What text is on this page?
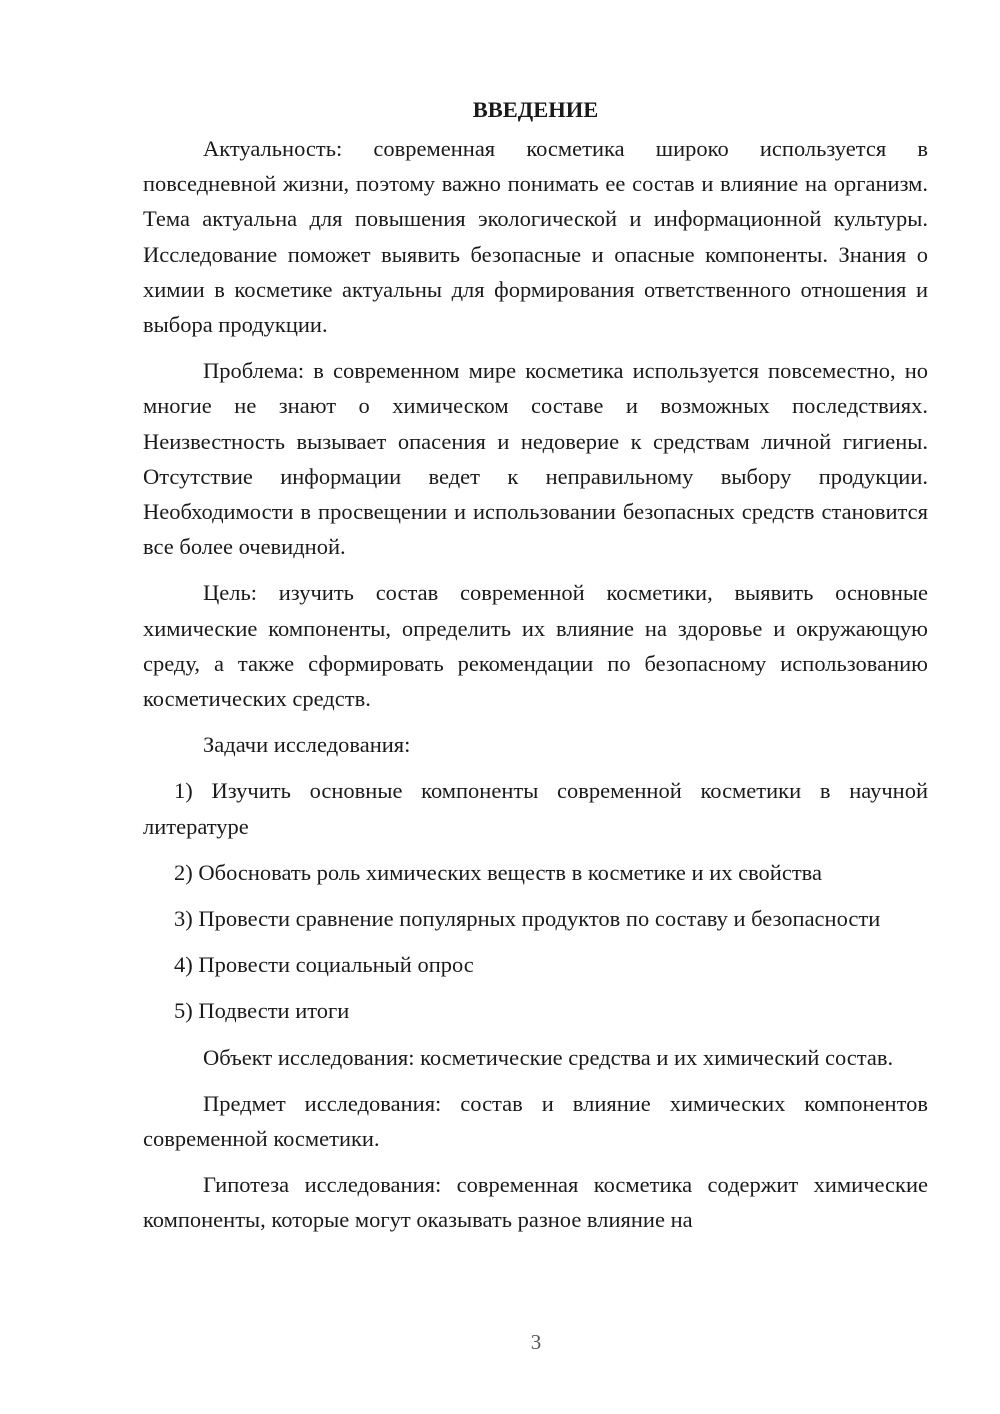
ВВЕДЕНИЕ

Актуальность: современная косметика широко используется в повседневной жизни, поэтому важно понимать ее состав и влияние на организм. Тема актуальна для повышения экологической и информационной культуры. Исследование поможет выявить безопасные и опасные компоненты. Знания о химии в косметике актуальны для формирования ответственного отношения и выбора продукции.

Проблема: в современном мире косметика используется повсеместно, но многие не знают о химическом составе и возможных последствиях. Неизвестность вызывает опасения и недоверие к средствам личной гигиены. Отсутствие информации ведет к неправильному выбору продукции. Необходимости в просвещении и использовании безопасных средств становится все более очевидной.

Цель: изучить состав современной косметики, выявить основные химические компоненты, определить их влияние на здоровье и окружающую среду, а также сформировать рекомендации по безопасному использованию косметических средств.

Задачи исследования:

1) Изучить основные компоненты современной косметики в научной литературе

2) Обосновать роль химических веществ в косметике и их свойства

3) Провести сравнение популярных продуктов по составу и безопасности

4) Провести социальный опрос

5) Подвести итоги

Объект исследования: косметические средства и их химический состав.

Предмет исследования: состав и влияние химических компонентов современной косметики.

Гипотеза исследования: современная косметика содержит химические компоненты, которые могут оказывать разное влияние на

3
